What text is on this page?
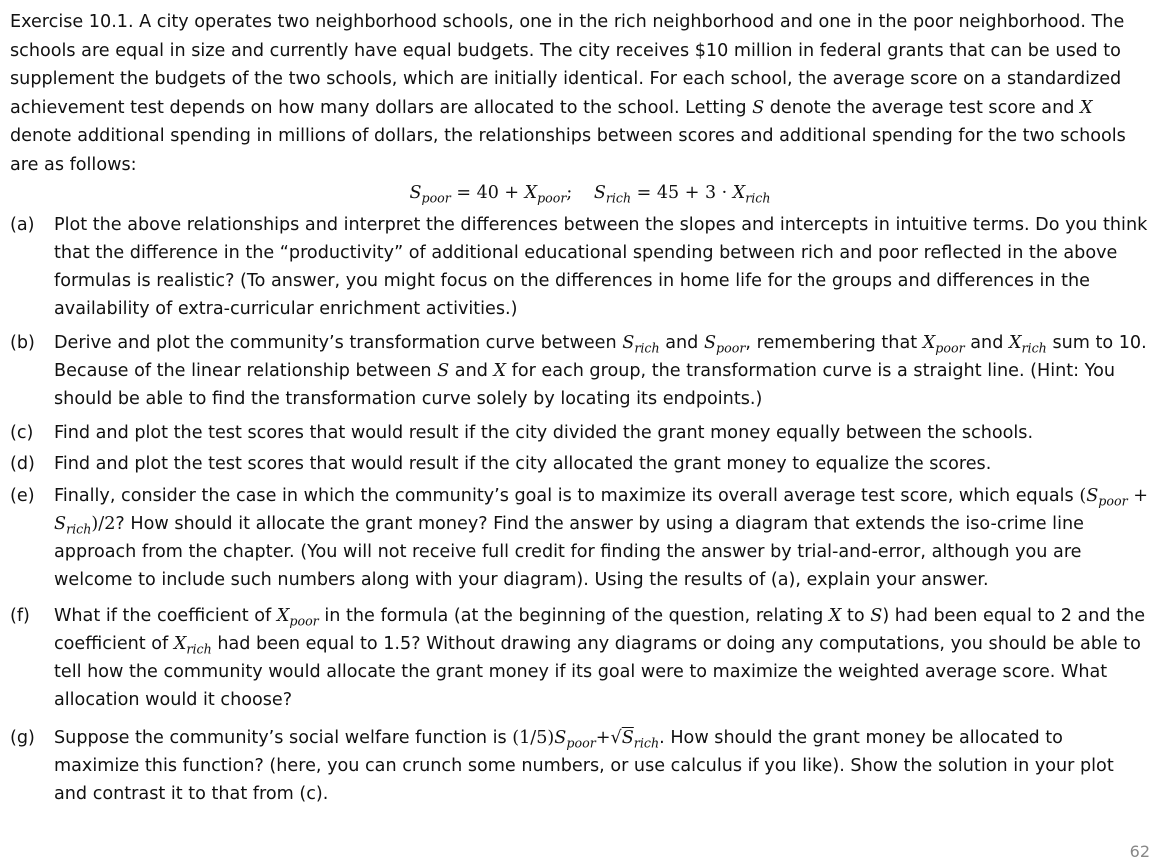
Exercise 10.1. A city operates two neighborhood schools, one in the rich neighborhood and one in the poor neighborhood. The schools are equal in size and currently have equal budgets. The city receives $10 million in federal grants that can be used to supplement the budgets of the two schools, which are initially identical. For each school, the average score on a standardized achievement test depends on how many dollars are allocated to the school. Letting S denote the average test score and X denote additional spending in millions of dollars, the relationships between scores and additional spending for the two schools are as follows:

$S_{poor} = 40 + X_{poor}$; $S_{rich} = 45 + 3 \cdot X_{rich}$

(a)	Plot the above relationships and interpret the differences between the slopes and intercepts in intuitive terms. Do you think that the difference in the “productivity” of additional educational spending between rich and poor reflected in the above formulas is realistic? (To answer, you might focus on the differences in home life for the groups and differences in the availability of extra-curricular enrichment activities.)
(b)	Derive and plot the community’s transformation curve between $S_{rich}$ and $S_{poor}$, remembering that $X_{poor}$ and $X_{rich}$ sum to 10. Because of the linear relationship between S and X for each group, the transformation curve is a straight line. (Hint: You should be able to find the transformation curve solely by locating its endpoints.)
(c)	Find and plot the test scores that would result if the city divided the grant money equally between the schools.
(d)	Find and plot the test scores that would result if the city allocated the grant money to equalize the scores.
(e)	Finally, consider the case in which the community’s goal is to maximize its overall average test score, which equals $(S_{poor} + S_{rich})/2$? How should it allocate the grant money? Find the answer by using a diagram that extends the iso-crime line approach from the chapter. (You will not receive full credit for finding the answer by trial-and-error, although you are welcome to include such numbers along with your diagram). Using the results of (a), explain your answer.
(f)	What if the coefficient of $X_{poor}$ in the formula (at the beginning of the question, relating X to S) had been equal to 2 and the coefficient of $X_{rich}$ had been equal to 1.5? Without drawing any diagrams or doing any computations, you should be able to tell how the community would allocate the grant money if its goal were to maximize the weighted average score. What allocation would it choose?
(g)	Suppose the community’s social welfare function is $(1/5)S_{poor}+√S_{rich}$. How should the grant money be allocated to maximize this function? (here, you can crunch some numbers, or use calculus if you like). Show the solution in your plot and contrast it to that from (c).
62
